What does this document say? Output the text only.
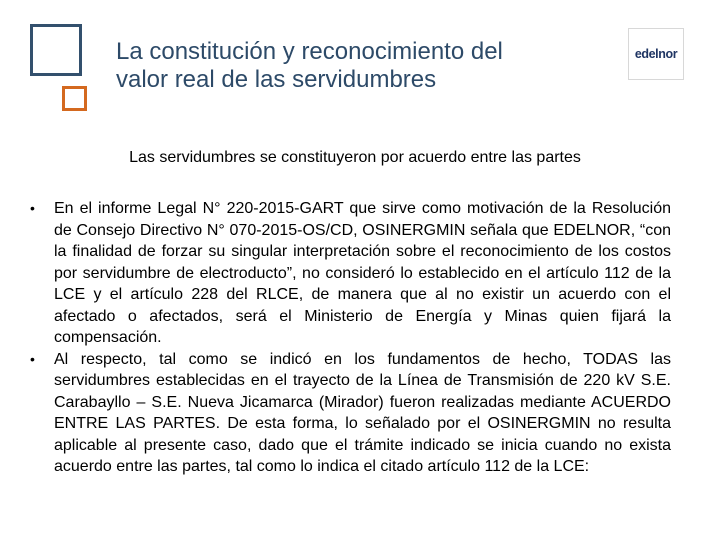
La constitución y reconocimiento del
valor real de las servidumbres
edelnor
Las servidumbres se constituyeron por acuerdo entre las partes
•	En el informe Legal N° 220-2015-GART que sirve como motivación de la Resolución de Consejo Directivo N° 070-2015-OS/CD, OSINERGMIN señala que EDELNOR, “con la finalidad de forzar su singular interpretación sobre el reconocimiento de los costos por servidumbre de electroducto”, no consideró lo establecido en el artículo 112 de la LCE y el artículo 228 del RLCE, de manera que al no existir un acuerdo con el afectado o afectados, será el Ministerio de Energía y Minas quien fijará la compensación.
•	Al respecto, tal como se indicó en los fundamentos de hecho, TODAS las servidumbres establecidas en el trayecto de la Línea de Transmisión de 220 kV S.E. Carabayllo – S.E. Nueva Jicamarca (Mirador) fueron realizadas mediante ACUERDO ENTRE LAS PARTES. De esta forma, lo señalado por el OSINERGMIN no resulta aplicable al presente caso, dado que el trámite indicado se inicia cuando no exista acuerdo entre las partes, tal como lo indica el citado artículo 112 de la LCE:
